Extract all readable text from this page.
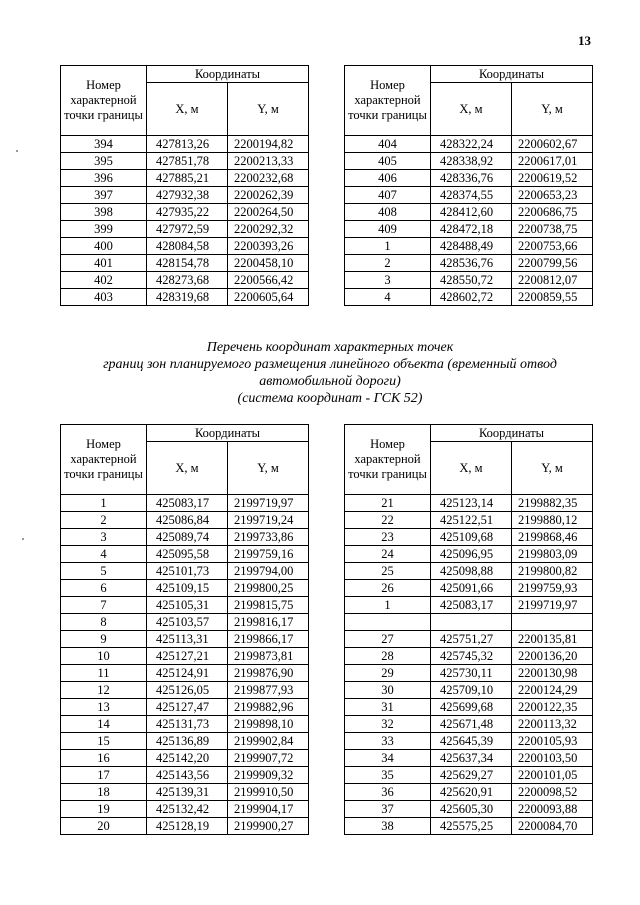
13
Номер характерной точки границы	Координаты	
	X, м	Y, м
394	427813,26	2200194,82
395	427851,78	2200213,33
396	427885,21	2200232,68
397	427932,38	2200262,39
398	427935,22	2200264,50
399	427972,59	2200292,32
400	428084,58	2200393,26
401	428154,78	2200458,10
402	428273,68	2200566,42
403	428319,68	2200605,64
Номер характерной точки границы	Координаты	
	X, м	Y, м
404	428322,24	2200602,67
405	428338,92	2200617,01
406	428336,76	2200619,52
407	428374,55	2200653,23
408	428412,60	2200686,75
409	428472,18	2200738,75
1	428488,49	2200753,66
2	428536,76	2200799,56
3	428550,72	2200812,07
4	428602,72	2200859,55
Перечень координат характерных точек
границ зон планируемого размещения линейного объекта (временный отвод
автомобильной дороги)
(система координат - ГСК 52)
Номер характерной точки границы	Координаты	
	X, м	Y, м
1	425083,17	2199719,97
2	425086,84	2199719,24
3	425089,74	2199733,86
4	425095,58	2199759,16
5	425101,73	2199794,00
6	425109,15	2199800,25
7	425105,31	2199815,75
8	425103,57	2199816,17
9	425113,31	2199866,17
10	425127,21	2199873,81
11	425124,91	2199876,90
12	425126,05	2199877,93
13	425127,47	2199882,96
14	425131,73	2199898,10
15	425136,89	2199902,84
16	425142,20	2199907,72
17	425143,56	2199909,32
18	425139,31	2199910,50
19	425132,42	2199904,17
20	425128,19	2199900,27
Номер характерной точки границы	Координаты	
	X, м	Y, м
21	425123,14	2199882,35
22	425122,51	2199880,12
23	425109,68	2199868,46
24	425096,95	2199803,09
25	425098,88	2199800,82
26	425091,66	2199759,93
1	425083,17	2199719,97

27	425751,27	2200135,81
28	425745,32	2200136,20
29	425730,11	2200130,98
30	425709,10	2200124,29
31	425699,68	2200122,35
32	425671,48	2200113,32
33	425645,39	2200105,93
34	425637,34	2200103,50
35	425629,27	2200101,05
36	425620,91	2200098,52
37	425605,30	2200093,88
38	425575,25	2200084,70
